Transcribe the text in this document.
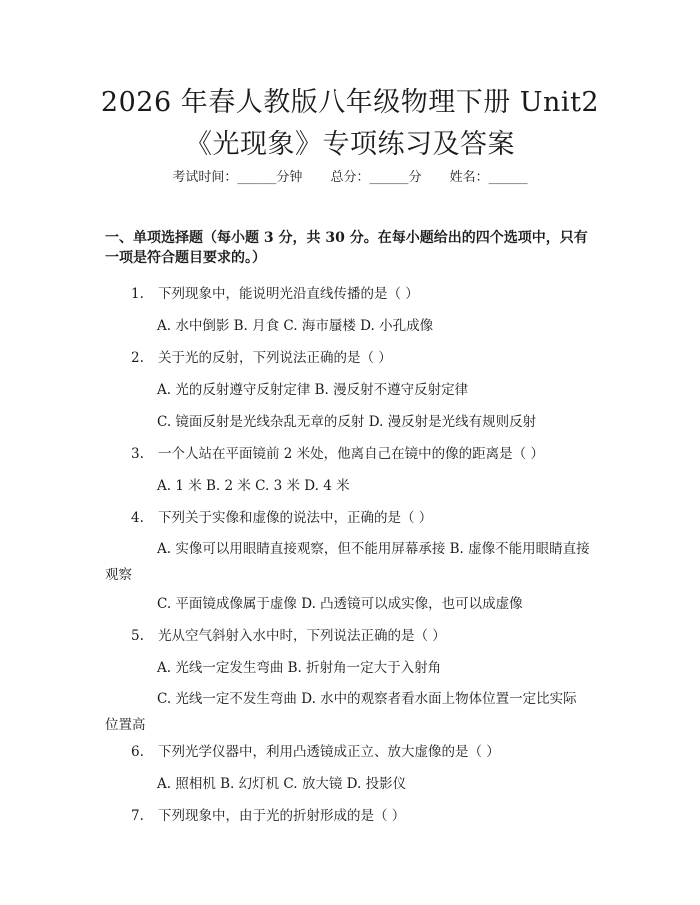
2026 年春人教版八年级物理下册 Unit2《光现象》专项练习及答案
考试时间：______分钟 总分：______分 姓名：______
一、单项选择题（每小题 3 分，共 30 分。在每小题给出的四个选项中，只有一项是符合题目要求的。）
1. 下列现象中，能说明光沿直线传播的是（ ）
A. 水中倒影 B. 月食 C. 海市蜃楼 D. 小孔成像
2. 关于光的反射，下列说法正确的是（ ）
A. 光的反射遵守反射定律 B. 漫反射不遵守反射定律
C. 镜面反射是光线杂乱无章的反射 D. 漫反射是光线有规则反射
3. 一个人站在平面镜前 2 米处，他离自己在镜中的像的距离是（ ）
A. 1 米 B. 2 米 C. 3 米 D. 4 米
4. 下列关于实像和虚像的说法中，正确的是（ ）
A. 实像可以用眼睛直接观察，但不能用屏幕承接 B. 虚像不能用眼睛直接观察
C. 平面镜成像属于虚像 D. 凸透镜可以成实像，也可以成虚像
5. 光从空气斜射入水中时，下列说法正确的是（ ）
A. 光线一定发生弯曲 B. 折射角一定大于入射角
C. 光线一定不发生弯曲 D. 水中的观察者看水面上物体位置一定比实际位置高
6. 下列光学仪器中，利用凸透镜成正立、放大虚像的是（ ）
A. 照相机 B. 幻灯机 C. 放大镜 D. 投影仪
7. 下列现象中，由于光的折射形成的是（ ）
